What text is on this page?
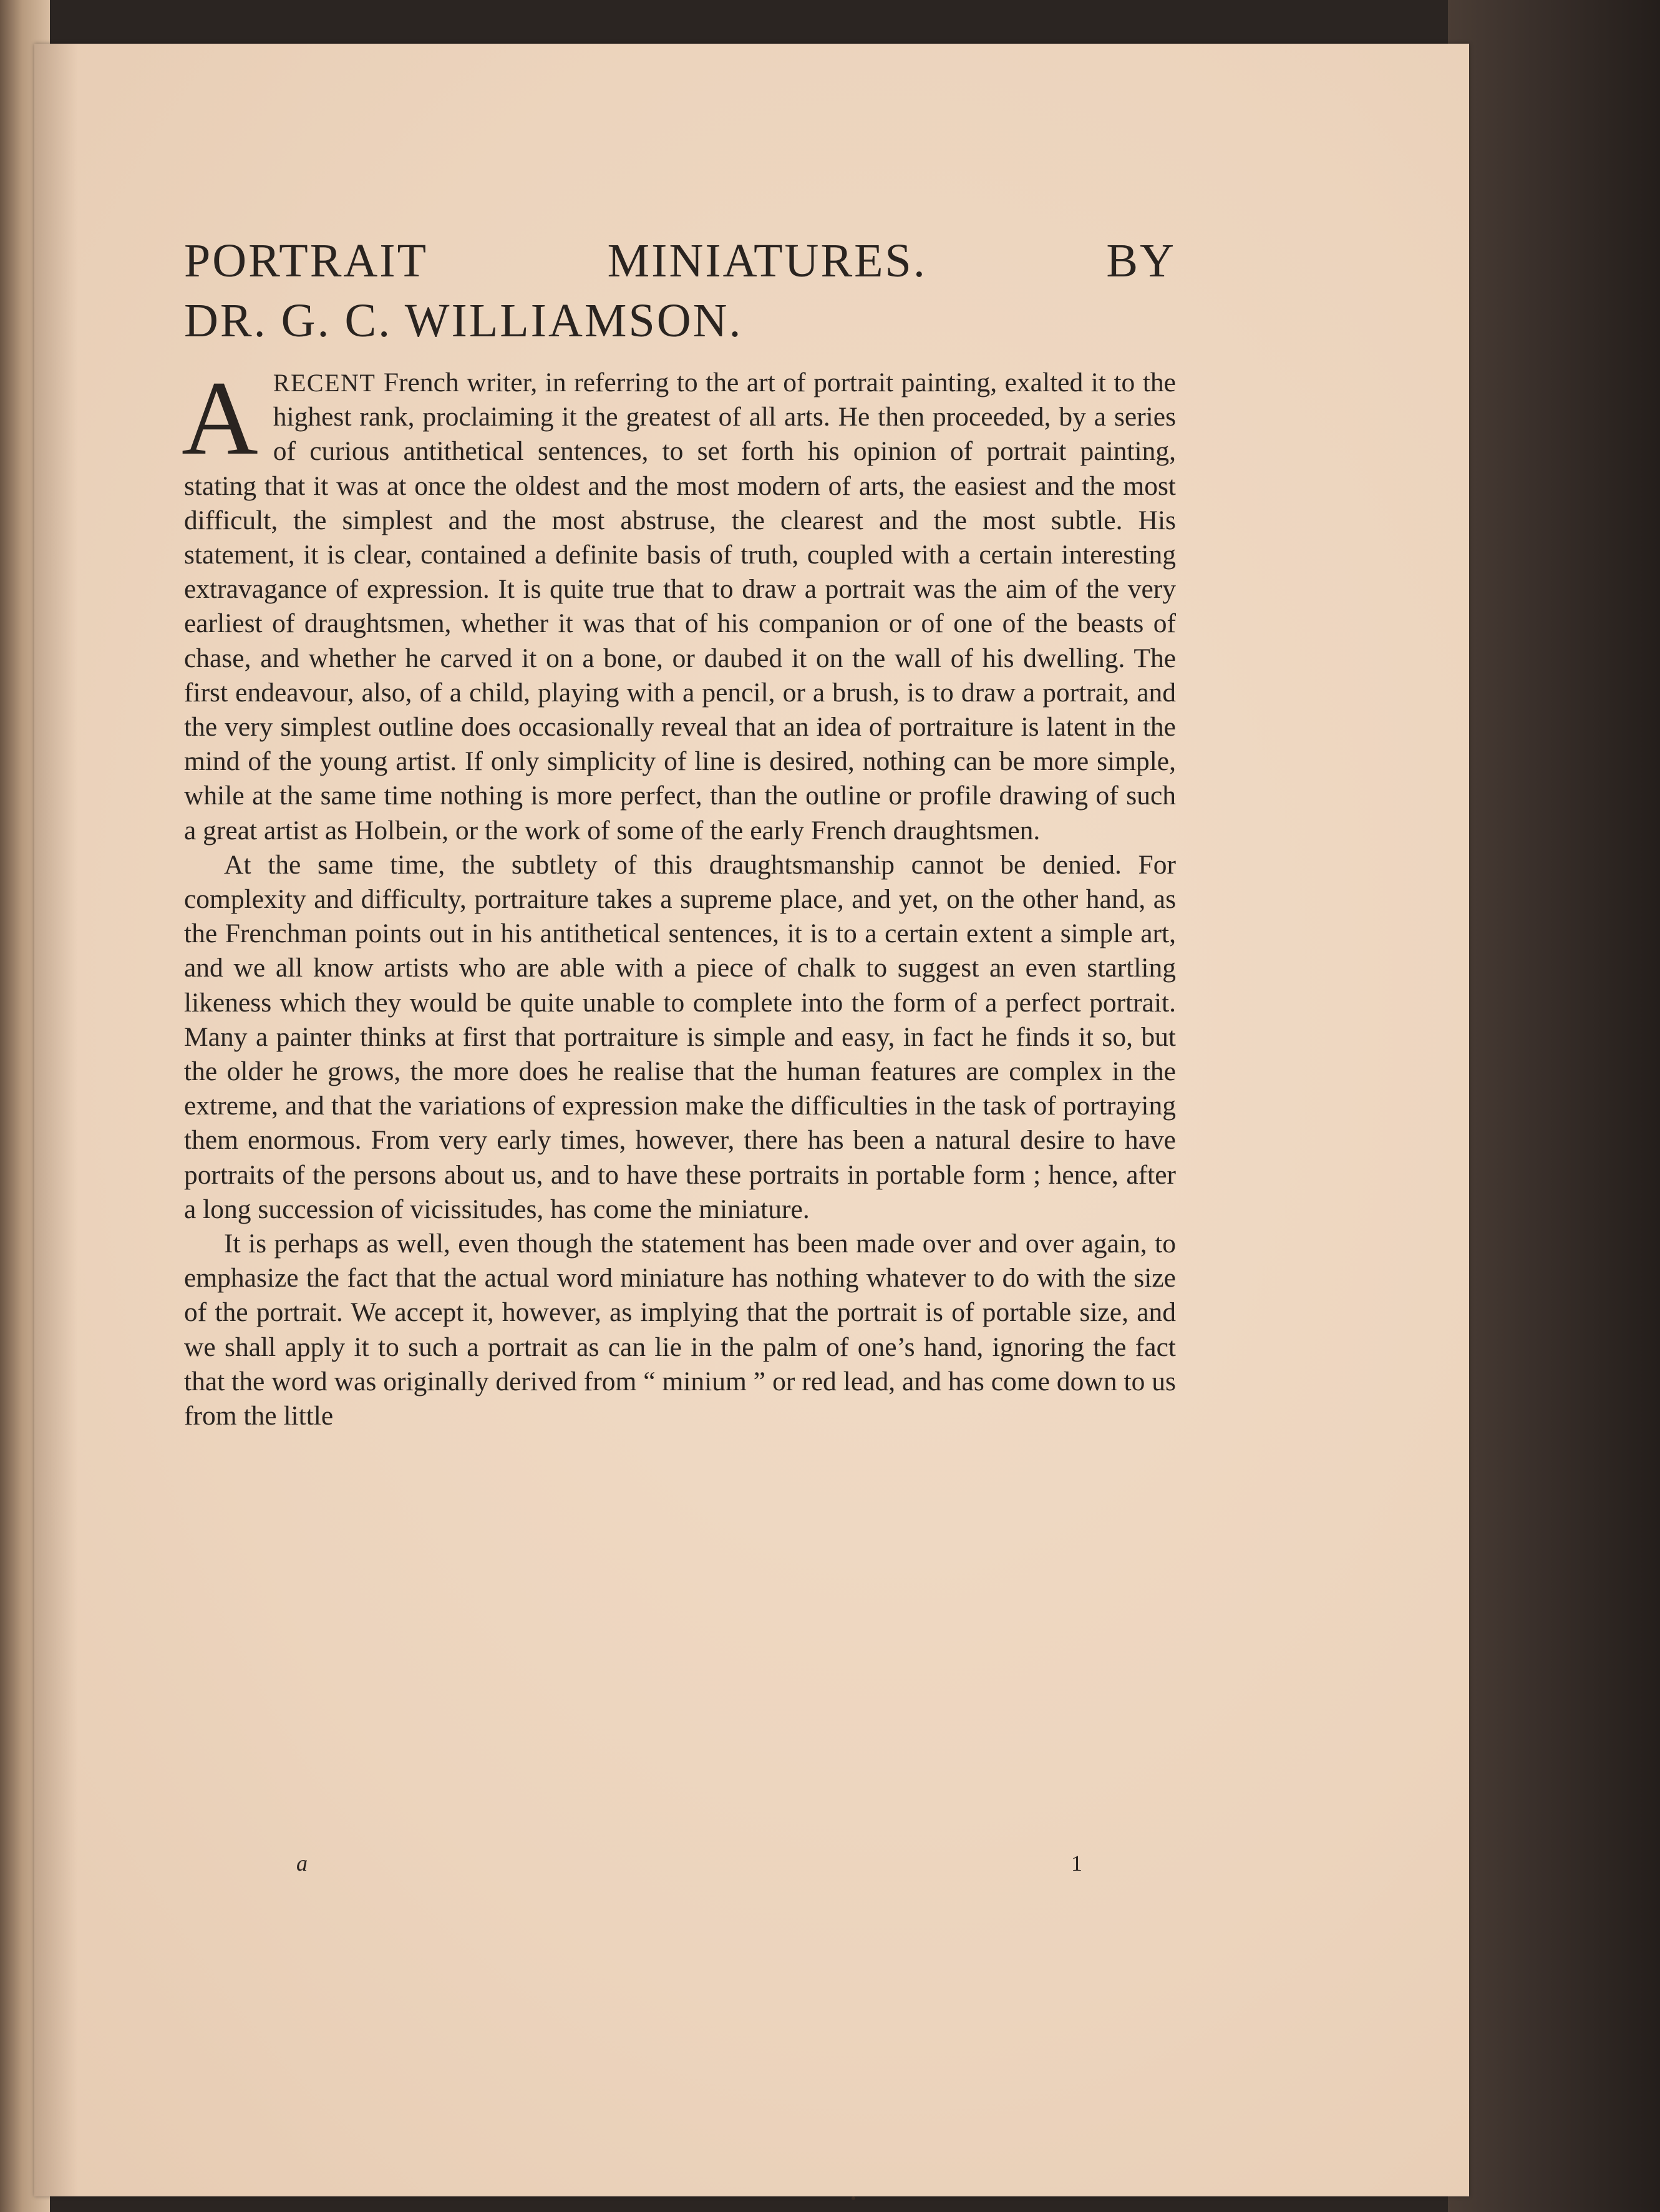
PORTRAIT	MINIATURES.	BY
DR. G. C. WILLIAMSON.

ARECENT French writer, in referring to the art of portrait painting, exalted it to the highest rank, proclaiming it the greatest of all arts. He then proceeded, by a series of curious antithetical sentences, to set forth his opinion of portrait painting, stating that it was at once the oldest and the most modern of arts, the easiest and the most difficult, the simplest and the most abstruse, the clearest and the most subtle. His statement, it is clear, contained a definite basis of truth, coupled with a certain interesting extravagance of expression. It is quite true that to draw a portrait was the aim of the very earliest of draughtsmen, whether it was that of his companion or of one of the beasts of chase, and whether he carved it on a bone, or daubed it on the wall of his dwelling. The first endeavour, also, of a child, playing with a pencil, or a brush, is to draw a portrait, and the very simplest outline does occasionally reveal that an idea of portraiture is latent in the mind of the young artist. If only simplicity of line is desired, nothing can be more simple, while at the same time nothing is more perfect, than the outline or profile drawing of such a great artist as Holbein, or the work of some of the early French draughtsmen.

At the same time, the subtlety of this draughtsmanship cannot be denied. For complexity and difficulty, portraiture takes a supreme place, and yet, on the other hand, as the Frenchman points out in his antithetical sentences, it is to a certain extent a simple art, and we all know artists who are able with a piece of chalk to suggest an even startling likeness which they would be quite unable to complete into the form of a perfect portrait. Many a painter thinks at first that portraiture is simple and easy, in fact he finds it so, but the older he grows, the more does he realise that the human features are complex in the extreme, and that the variations of expression make the difficulties in the task of portraying them enormous. From very early times, however, there has been a natural desire to have portraits of the persons about us, and to have these portraits in portable form ; hence, after a long succession of vicissitudes, has come the miniature.

It is perhaps as well, even though the statement has been made over and over again, to emphasize the fact that the actual word miniature has nothing whatever to do with the size of the portrait. We accept it, however, as implying that the portrait is of portable size, and we shall apply it to such a portrait as can lie in the palm of one’s hand, ignoring the fact that the word was originally derived from “ minium ” or red lead, and has come down to us from the little

a	1
